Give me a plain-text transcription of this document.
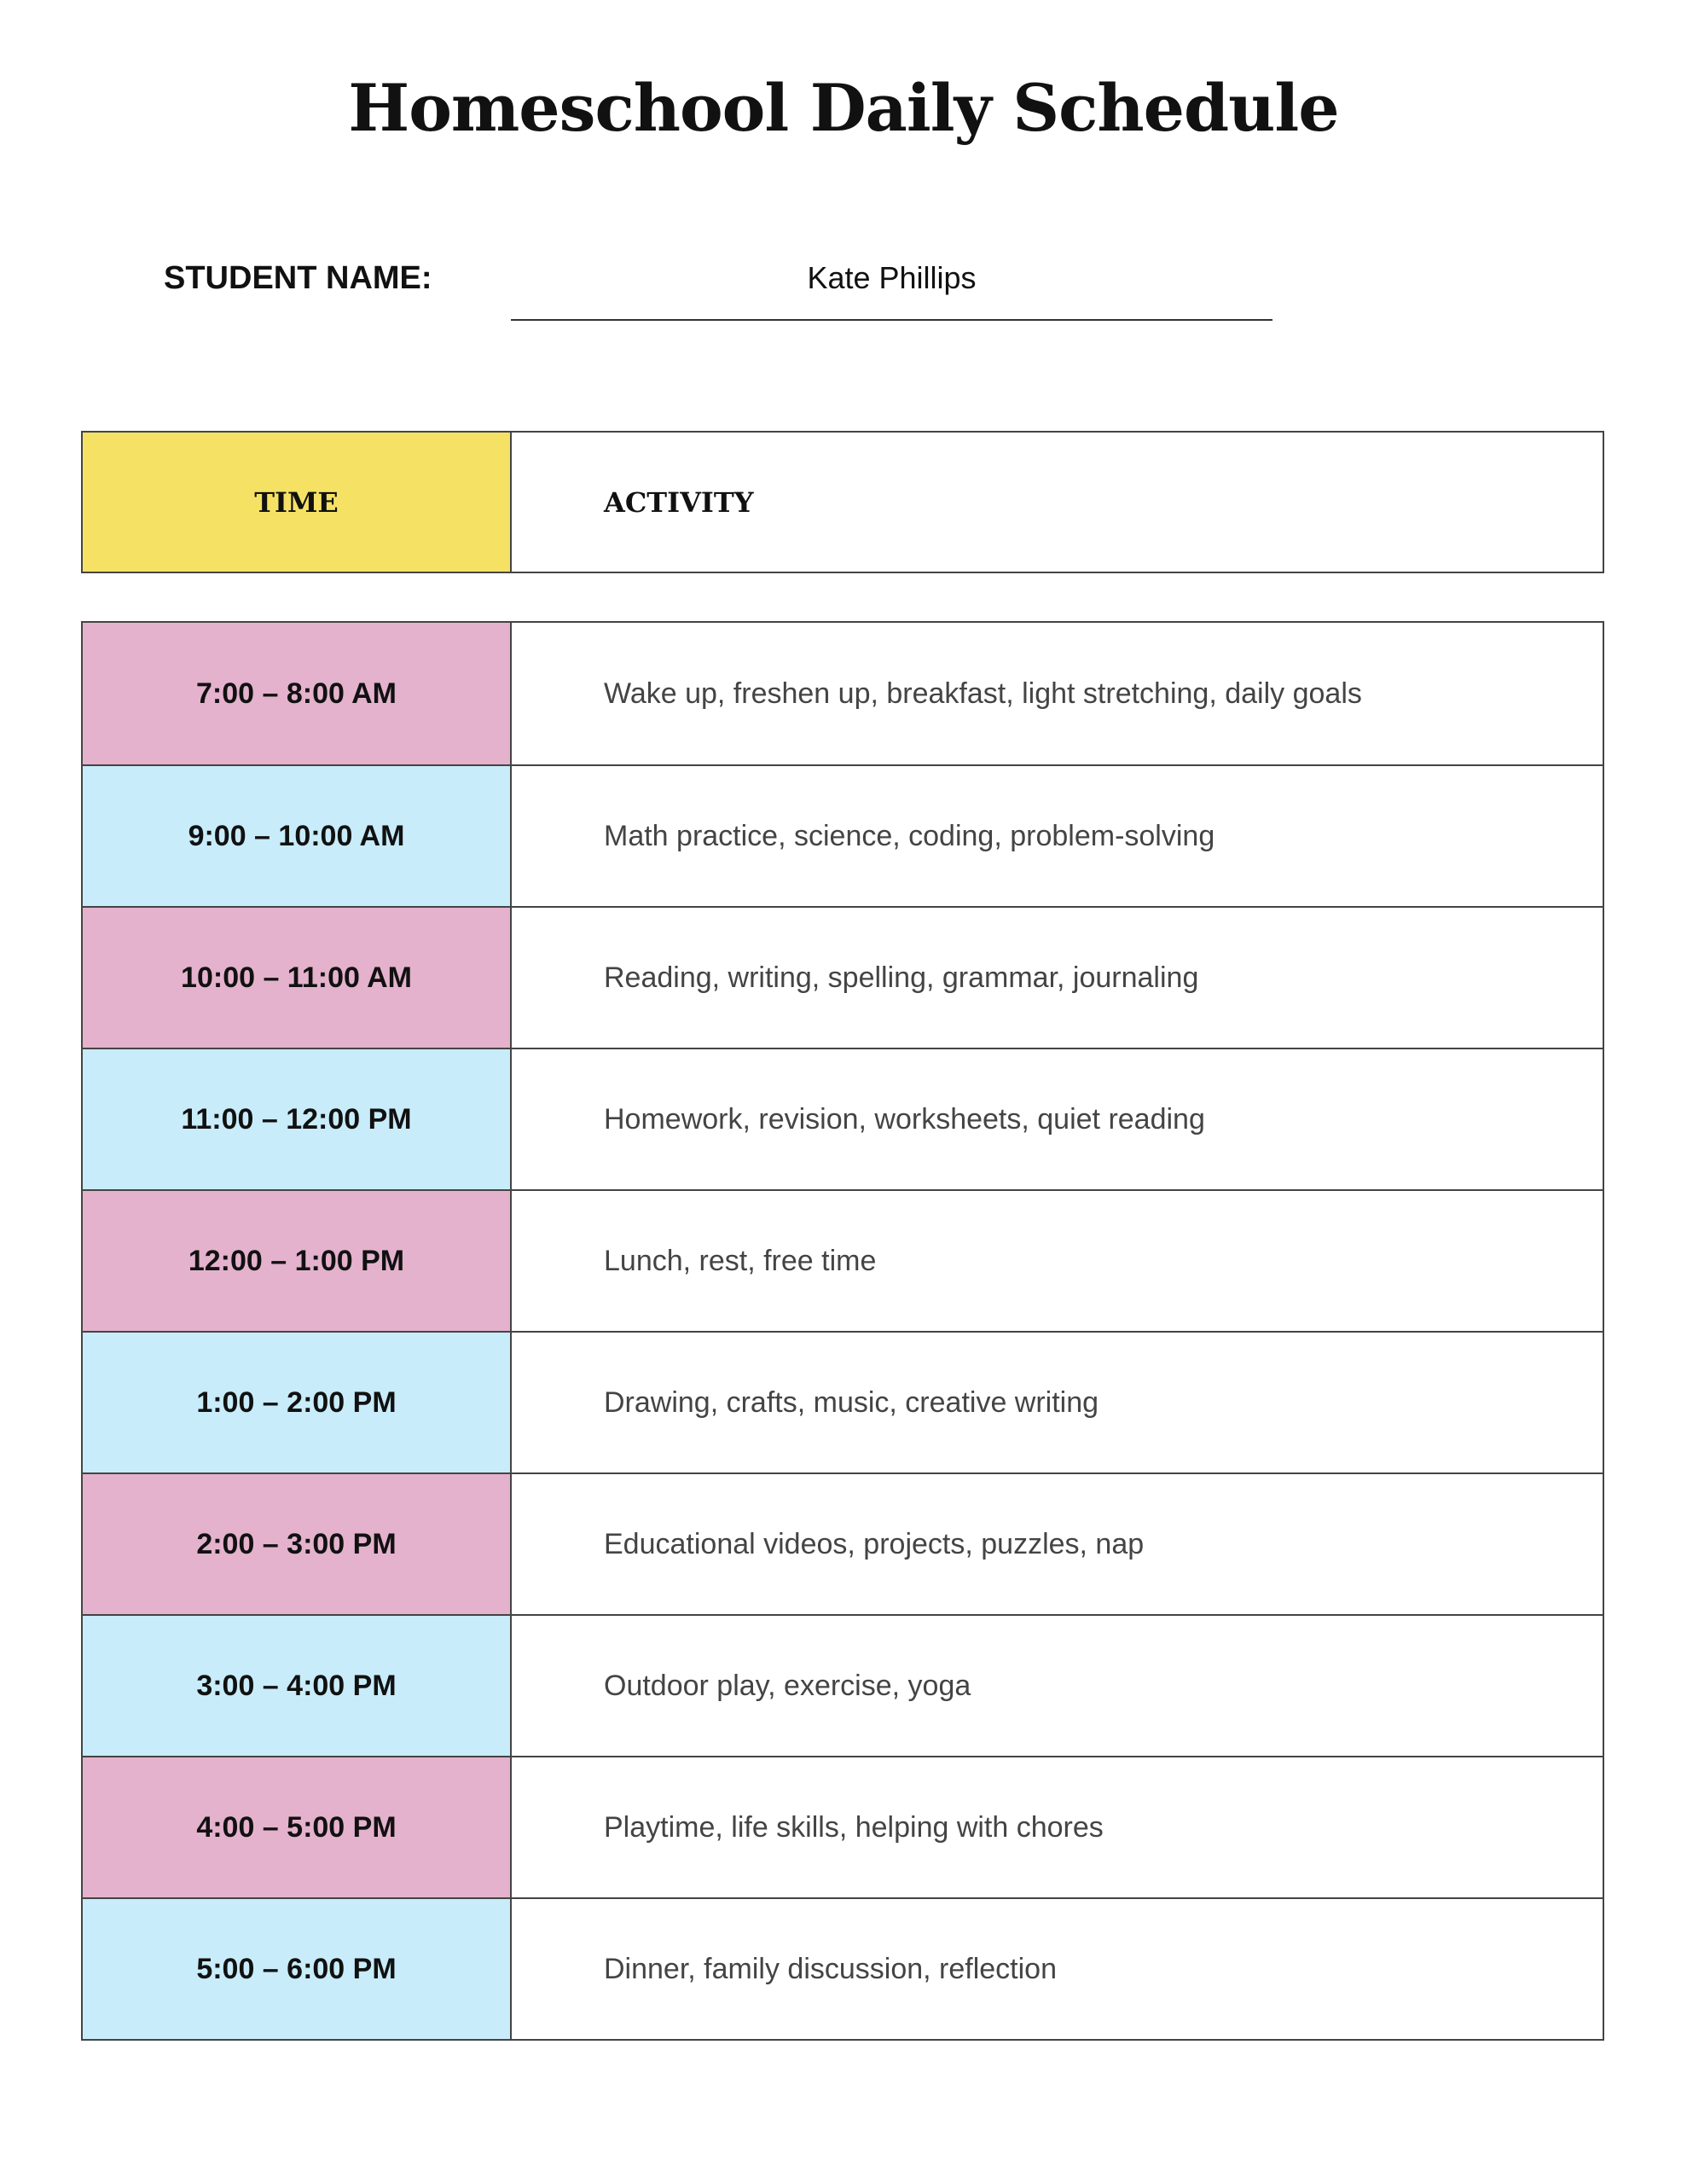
Homeschool Daily Schedule
STUDENT NAME:	Kate Phillips
TIME	ACTIVITY
7:00 – 8:00 AM	Wake up, freshen up, breakfast, light stretching, daily goals
9:00 – 10:00 AM	Math practice, science, coding, problem-solving
10:00 – 11:00 AM	Reading, writing, spelling, grammar, journaling
11:00 – 12:00 PM	Homework, revision, worksheets, quiet reading
12:00 – 1:00 PM	Lunch, rest, free time
1:00 – 2:00 PM	Drawing, crafts, music, creative writing
2:00 – 3:00 PM	Educational videos, projects, puzzles, nap
3:00 – 4:00 PM	Outdoor play, exercise, yoga
4:00 – 5:00 PM	Playtime, life skills, helping with chores
5:00 – 6:00 PM	Dinner, family discussion, reflection
